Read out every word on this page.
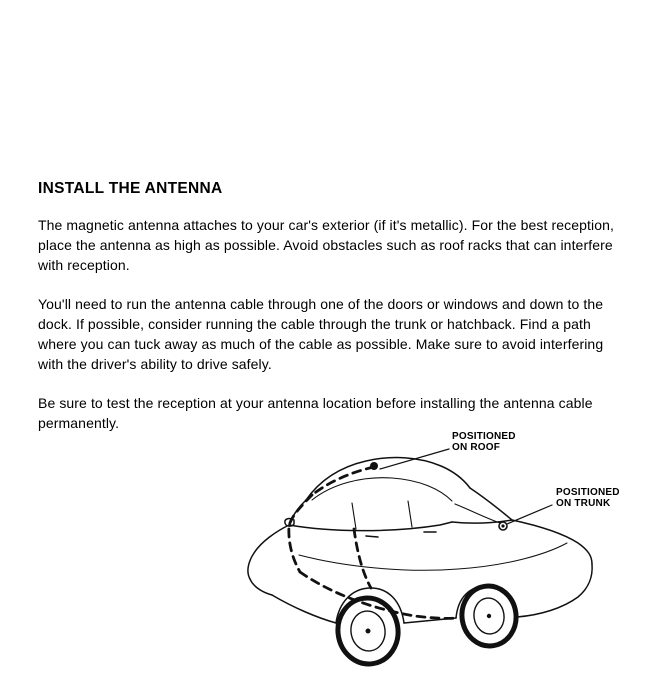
INSTALL THE ANTENNA

The magnetic antenna attaches to your car's exterior (if it's metallic). For the best reception, place the antenna as high as possible. Avoid obstacles such as roof racks that can interfere with reception.

You'll need to run the antenna cable through one of the doors or windows and down to the dock. If possible, consider running the cable through the trunk or hatchback. Find a path where you can tuck away as much of the cable as possible. Make sure to avoid interfering with the driver's ability to drive safely.

Be sure to test the reception at your antenna location before installing the antenna cable permanently.

POSITIONED
ON ROOF
POSITIONED
ON TRUNK
